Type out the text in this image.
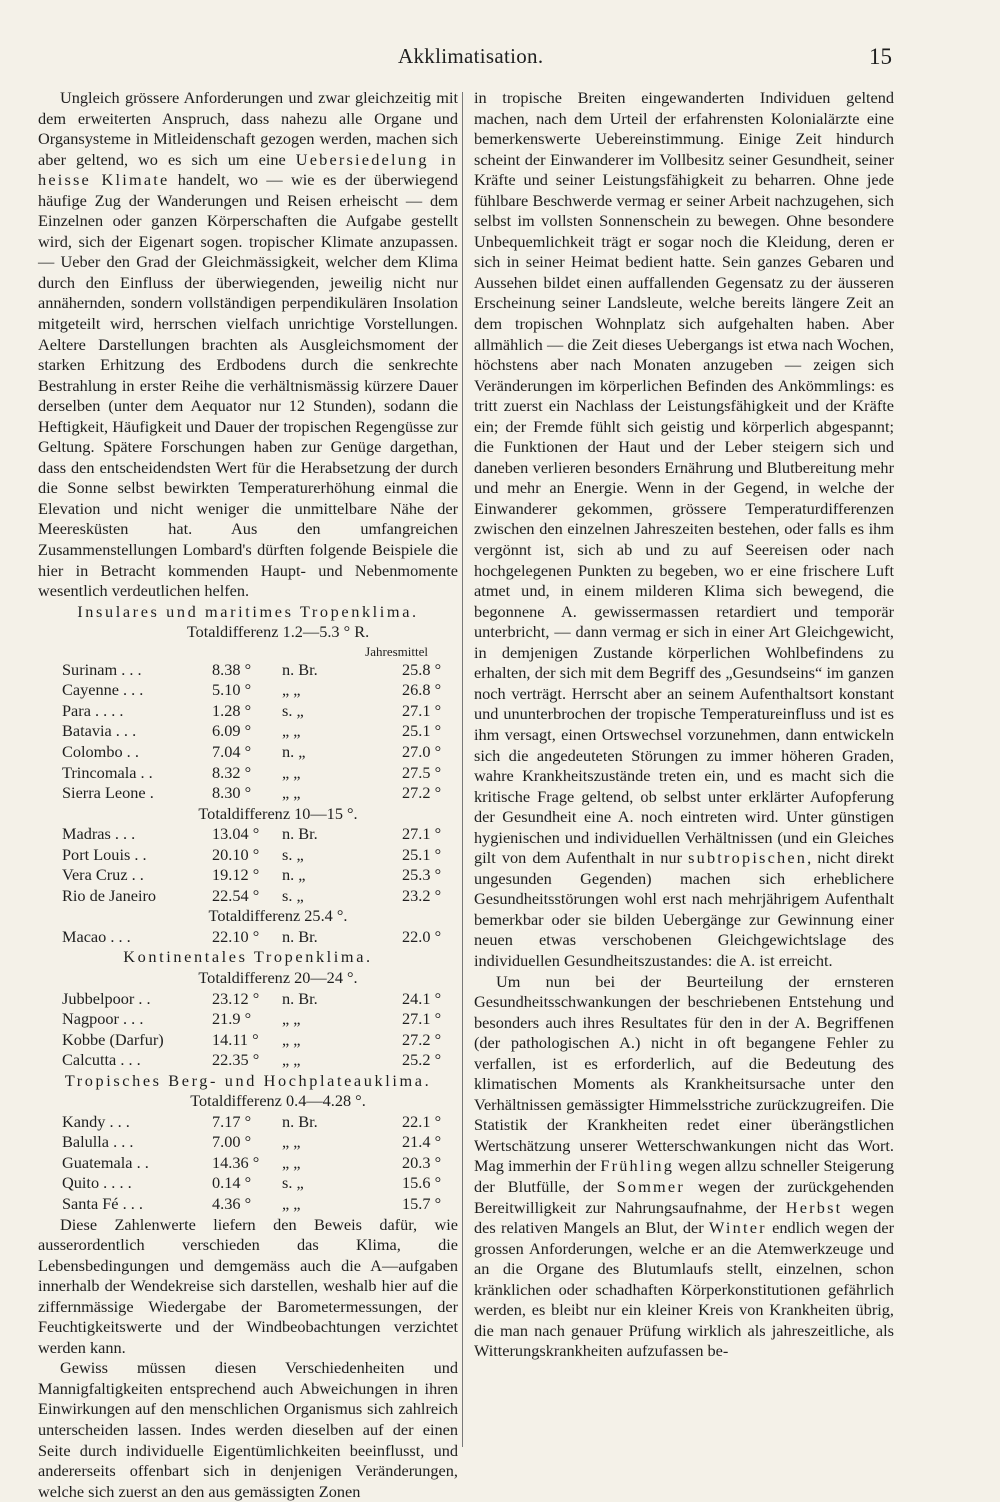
Akklimatisation.	15

Ungleich grössere Anforderungen und zwar gleichzeitig mit dem erweiterten Anspruch, dass nahezu alle Organe und Organsysteme in Mitleidenschaft gezogen werden, machen sich aber geltend, wo es sich um eine Uebersiedelung in heisse Klimate handelt, wo — wie es der überwiegend häufige Zug der Wanderungen und Reisen erheischt — dem Einzelnen oder ganzen Körperschaften die Aufgabe gestellt wird, sich der Eigenart sogen. tropischer Klimate anzupassen. — Ueber den Grad der Gleichmässigkeit, welcher dem Klima durch den Einfluss der überwiegenden, jeweilig nicht nur annähernden, sondern vollständigen perpendikulären Insolation mitgeteilt wird, herrschen vielfach unrichtige Vorstellungen. Aeltere Darstellungen brachten als Ausgleichsmoment der starken Erhitzung des Erdbodens durch die senkrechte Bestrahlung in erster Reihe die verhältnismässig kürzere Dauer derselben (unter dem Aequator nur 12 Stunden), sodann die Heftigkeit, Häufigkeit und Dauer der tropischen Regengüsse zur Geltung. Spätere Forschungen haben zur Genüge dargethan, dass den entscheidendsten Wert für die Herabsetzung der durch die Sonne selbst bewirkten Temperaturerhöhung einmal die Elevation und nicht weniger die unmittelbare Nähe der Meeresküsten hat. Aus den umfangreichen Zusammenstellungen Lombard's dürften folgende Beispiele die hier in Betracht kommenden Haupt- und Nebenmomente wesentlich verdeutlichen helfen.

Insulares und maritimes Tropenklima.

Totaldifferenz 1.2—5.3 ° R.

Jahresmittel			
Surinam . . .	8.38 °	n. Br.	25.8 °
Cayenne . . .	5.10 °	„ „	26.8 °
Para . . . .	1.28 °	s. „	27.1 °
Batavia . . .	6.09 °	„ „	25.1 °
Colombo . .	7.04 °	n. „	27.0 °
Trincomala . .	8.32 °	„ „	27.5 °
Sierra Leone .	8.30 °	„ „	27.2 °

Totaldifferenz 10—15 °.

Madras . . .	13.04 °	n. Br.	27.1 °
Port Louis . .	20.10 °	s. „	25.1 °
Vera Cruz . .	19.12 °	n. „	25.3 °
Rio de Janeiro	22.54 °	s. „	23.2 °

Totaldifferenz 25.4 °.

Macao . . .	22.10 °	n. Br.	22.0 °

Kontinentales Tropenklima.

Totaldifferenz 20—24 °.

Jubbelpoor . .	23.12 °	n. Br.	24.1 °
Nagpoor . . .	21.9 °	„ „	27.1 °
Kobbe (Darfur)	14.11 °	„ „	27.2 °
Calcutta . . .	22.35 °	„ „	25.2 °

Tropisches Berg- und Hochplateauklima.

Totaldifferenz 0.4—4.28 °.

Kandy . . .	7.17 °	n. Br.	22.1 °
Balulla . . .	7.00 °	„ „	21.4 °
Guatemala . .	14.36 °	„ „	20.3 °
Quito . . . .	0.14 °	s. „	15.6 °
Santa Fé . . .	4.36 °	„ „	15.7 °

Diese Zahlenwerte liefern den Beweis dafür, wie ausserordentlich verschieden das Klima, die Lebensbedingungen und demgemäss auch die A—aufgaben innerhalb der Wendekreise sich darstellen, weshalb hier auf die ziffernmässige Wiedergabe der Barometermessungen, der Feuchtigkeitswerte und der Windbeobachtungen verzichtet werden kann.

Gewiss müssen diesen Verschiedenheiten und Mannigfaltigkeiten entsprechend auch Abweichungen in ihren Einwirkungen auf den menschlichen Organismus sich zahlreich unterscheiden lassen. Indes werden dieselben auf der einen Seite durch individuelle Eigentümlichkeiten beeinflusst, und andererseits offenbart sich in denjenigen Veränderungen, welche sich zuerst an den aus gemässigten Zonen

in tropische Breiten eingewanderten Individuen geltend machen, nach dem Urteil der erfahrensten Kolonialärzte eine bemerkenswerte Uebereinstimmung. Einige Zeit hindurch scheint der Einwanderer im Vollbesitz seiner Gesundheit, seiner Kräfte und seiner Leistungsfähigkeit zu beharren. Ohne jede fühlbare Beschwerde vermag er seiner Arbeit nachzugehen, sich selbst im vollsten Sonnenschein zu bewegen. Ohne besondere Unbequemlichkeit trägt er sogar noch die Kleidung, deren er sich in seiner Heimat bedient hatte. Sein ganzes Gebaren und Aussehen bildet einen auffallenden Gegensatz zu der äusseren Erscheinung seiner Landsleute, welche bereits längere Zeit an dem tropischen Wohnplatz sich aufgehalten haben. Aber allmählich — die Zeit dieses Uebergangs ist etwa nach Wochen, höchstens aber nach Monaten anzugeben — zeigen sich Veränderungen im körperlichen Befinden des Ankömmlings: es tritt zuerst ein Nachlass der Leistungsfähigkeit und der Kräfte ein; der Fremde fühlt sich geistig und körperlich abgespannt; die Funktionen der Haut und der Leber steigern sich und daneben verlieren besonders Ernährung und Blutbereitung mehr und mehr an Energie. Wenn in der Gegend, in welche der Einwanderer gekommen, grössere Temperaturdifferenzen zwischen den einzelnen Jahreszeiten bestehen, oder falls es ihm vergönnt ist, sich ab und zu auf Seereisen oder nach hochgelegenen Punkten zu begeben, wo er eine frischere Luft atmet und, in einem milderen Klima sich bewegend, die begonnene A. gewissermassen retardiert und temporär unterbricht, — dann vermag er sich in einer Art Gleichgewicht, in demjenigen Zustande körperlichen Wohlbefindens zu erhalten, der sich mit dem Begriff des „Gesundseins“ im ganzen noch verträgt. Herrscht aber an seinem Aufenthaltsort konstant und ununterbrochen der tropische Temperatureinfluss und ist es ihm versagt, einen Ortswechsel vorzunehmen, dann entwickeln sich die angedeuteten Störungen zu immer höheren Graden, wahre Krankheitszustände treten ein, und es macht sich die kritische Frage geltend, ob selbst unter erklärter Aufopferung der Gesundheit eine A. noch eintreten wird. Unter günstigen hygienischen und individuellen Verhältnissen (und ein Gleiches gilt von dem Aufenthalt in nur subtropischen, nicht direkt ungesunden Gegenden) machen sich erheblichere Gesundheitsstörungen wohl erst nach mehrjährigem Aufenthalt bemerkbar oder sie bilden Uebergänge zur Gewinnung einer neuen etwas verschobenen Gleichgewichtslage des individuellen Gesundheitszustandes: die A. ist erreicht.

Um nun bei der Beurteilung der ernsteren Gesundheitsschwankungen der beschriebenen Entstehung und besonders auch ihres Resultates für den in der A. Begriffenen (der pathologischen A.) nicht in oft begangene Fehler zu verfallen, ist es erforderlich, auf die Bedeutung des klimatischen Moments als Krankheitsursache unter den Verhältnissen gemässigter Himmelsstriche zurückzugreifen. Die Statistik der Krankheiten redet einer überängstlichen Wertschätzung unserer Wetterschwankungen nicht das Wort. Mag immerhin der Frühling wegen allzu schneller Steigerung der Blutfülle, der Sommer wegen der zurückgehenden Bereitwilligkeit zur Nahrungsaufnahme, der Herbst wegen des relativen Mangels an Blut, der Winter endlich wegen der grossen Anforderungen, welche er an die Atemwerkzeuge und an die Organe des Blutumlaufs stellt, einzelnen, schon kränklichen oder schadhaften Körperkonstitutionen gefährlich werden, es bleibt nur ein kleiner Kreis von Krankheiten übrig, die man nach genauer Prüfung wirklich als jahreszeitliche, als Witterungskrankheiten aufzufassen be-
